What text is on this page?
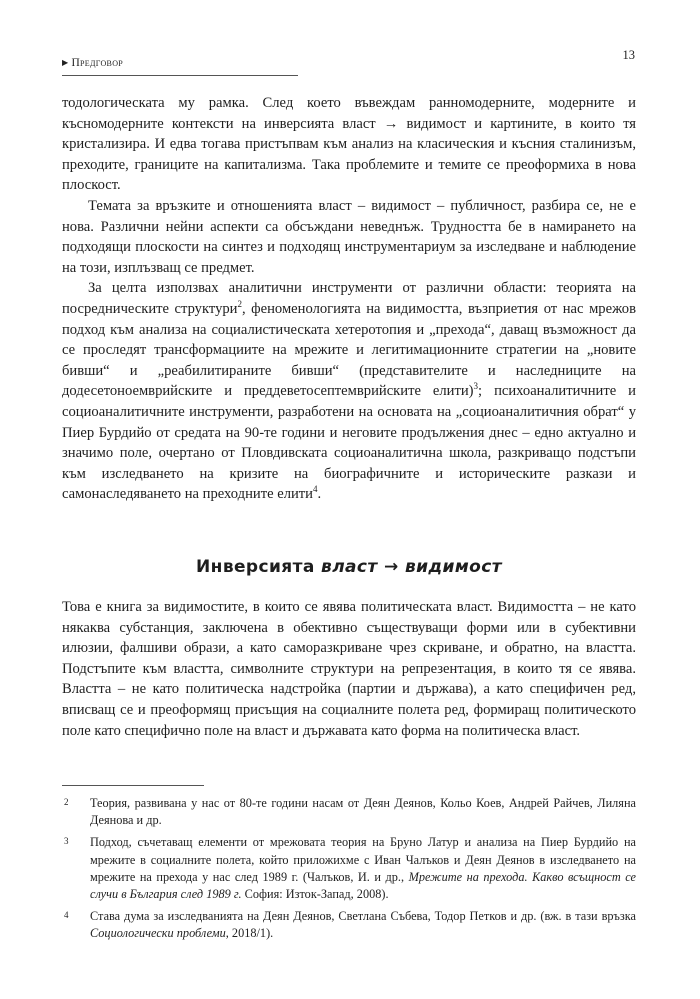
▶ Предговор
13

тодологическата му рамка. След което въвеждам ранномодерните, модерните и късномодерните контексти на инверсията власт → видимост и картините, в които тя кристализира. И едва тогава пристъпвам към анализ на класическия и късния сталинизъм, преходите, границите на капитализма. Така проблемите и темите се преоформиха в нова плоскост.

Темата за връзките и отношенията власт – видимост – публичност, разбира се, не е нова. Различни нейни аспекти са обсъждани неведнъж. Трудността бе в намирането на подходящи плоскости на синтез и подходящ инструментариум за изследване и наблюдение на този, изплъзващ се предмет.

За целта използвах аналитични инструменти от различни области: теорията на посредническите структури$^2$, феноменологията на видимостта, възприетия от нас мрежов подход към анализа на социалистическата хетеротопия и „прехода“, даващ възможност да се проследят трансформациите на мрежите и легитимационните стратегии на „новите бивши“ и „реабилитираните бивши“ (представителите и наследниците на додесетоноемврийските и преддеветосептемврийските елити)$^3$; психоаналитичните и социоаналитичните инструменти, разработени на основата на „социоаналитичния обрат“ у Пиер Бурдийо от средата на 90-те години и неговите продължения днес – едно актуално и значимо поле, очертано от Пловдивската социоаналитична школа, разкриващо подстъпи към изследването на кризите на биографичните и историческите разкази и самонаследяването на преходните елити$^4$.

Инверсията власт → видимост

Това е книга за видимостите, в които се явява политическата власт. Видимостта – не като някаква субстанция, заключена в обективно съществуващи форми или в субективни илюзии, фалшиви образи, а като саморазкриване чрез скриване, и обратно, на властта. Подстъпите към властта, символните структури на репрезентация, в които тя се явява. Властта – не като политическа надстройка (партии и държава), а като специфичен ред, вписващ се и преоформящ присъщия на социалните полета ред, формиращ политическото поле като специфично поле на власт и държавата като форма на политическа власт.

2 Теория, развивана у нас от 80-те години насам от Деян Деянов, Кольо Коев, Андрей Райчев, Лиляна Деянова и др.
3 Подход, съчетаващ елементи от мрежовата теория на Бруно Латур и анализа на Пиер Бурдийо на мрежите в социалните полета, който приложихме с Иван Чалъков и Деян Деянов в изследването на мрежите на прехода у нас след 1989 г. (Чалъков, И. и др., Мрежите на прехода. Какво всъщност се случи в България след 1989 г. София: Изток-Запад, 2008).
4 Става дума за изследванията на Деян Деянов, Светлана Събева, Тодор Петков и др. (вж. в тази връзка Социологически проблеми, 2018/1).
